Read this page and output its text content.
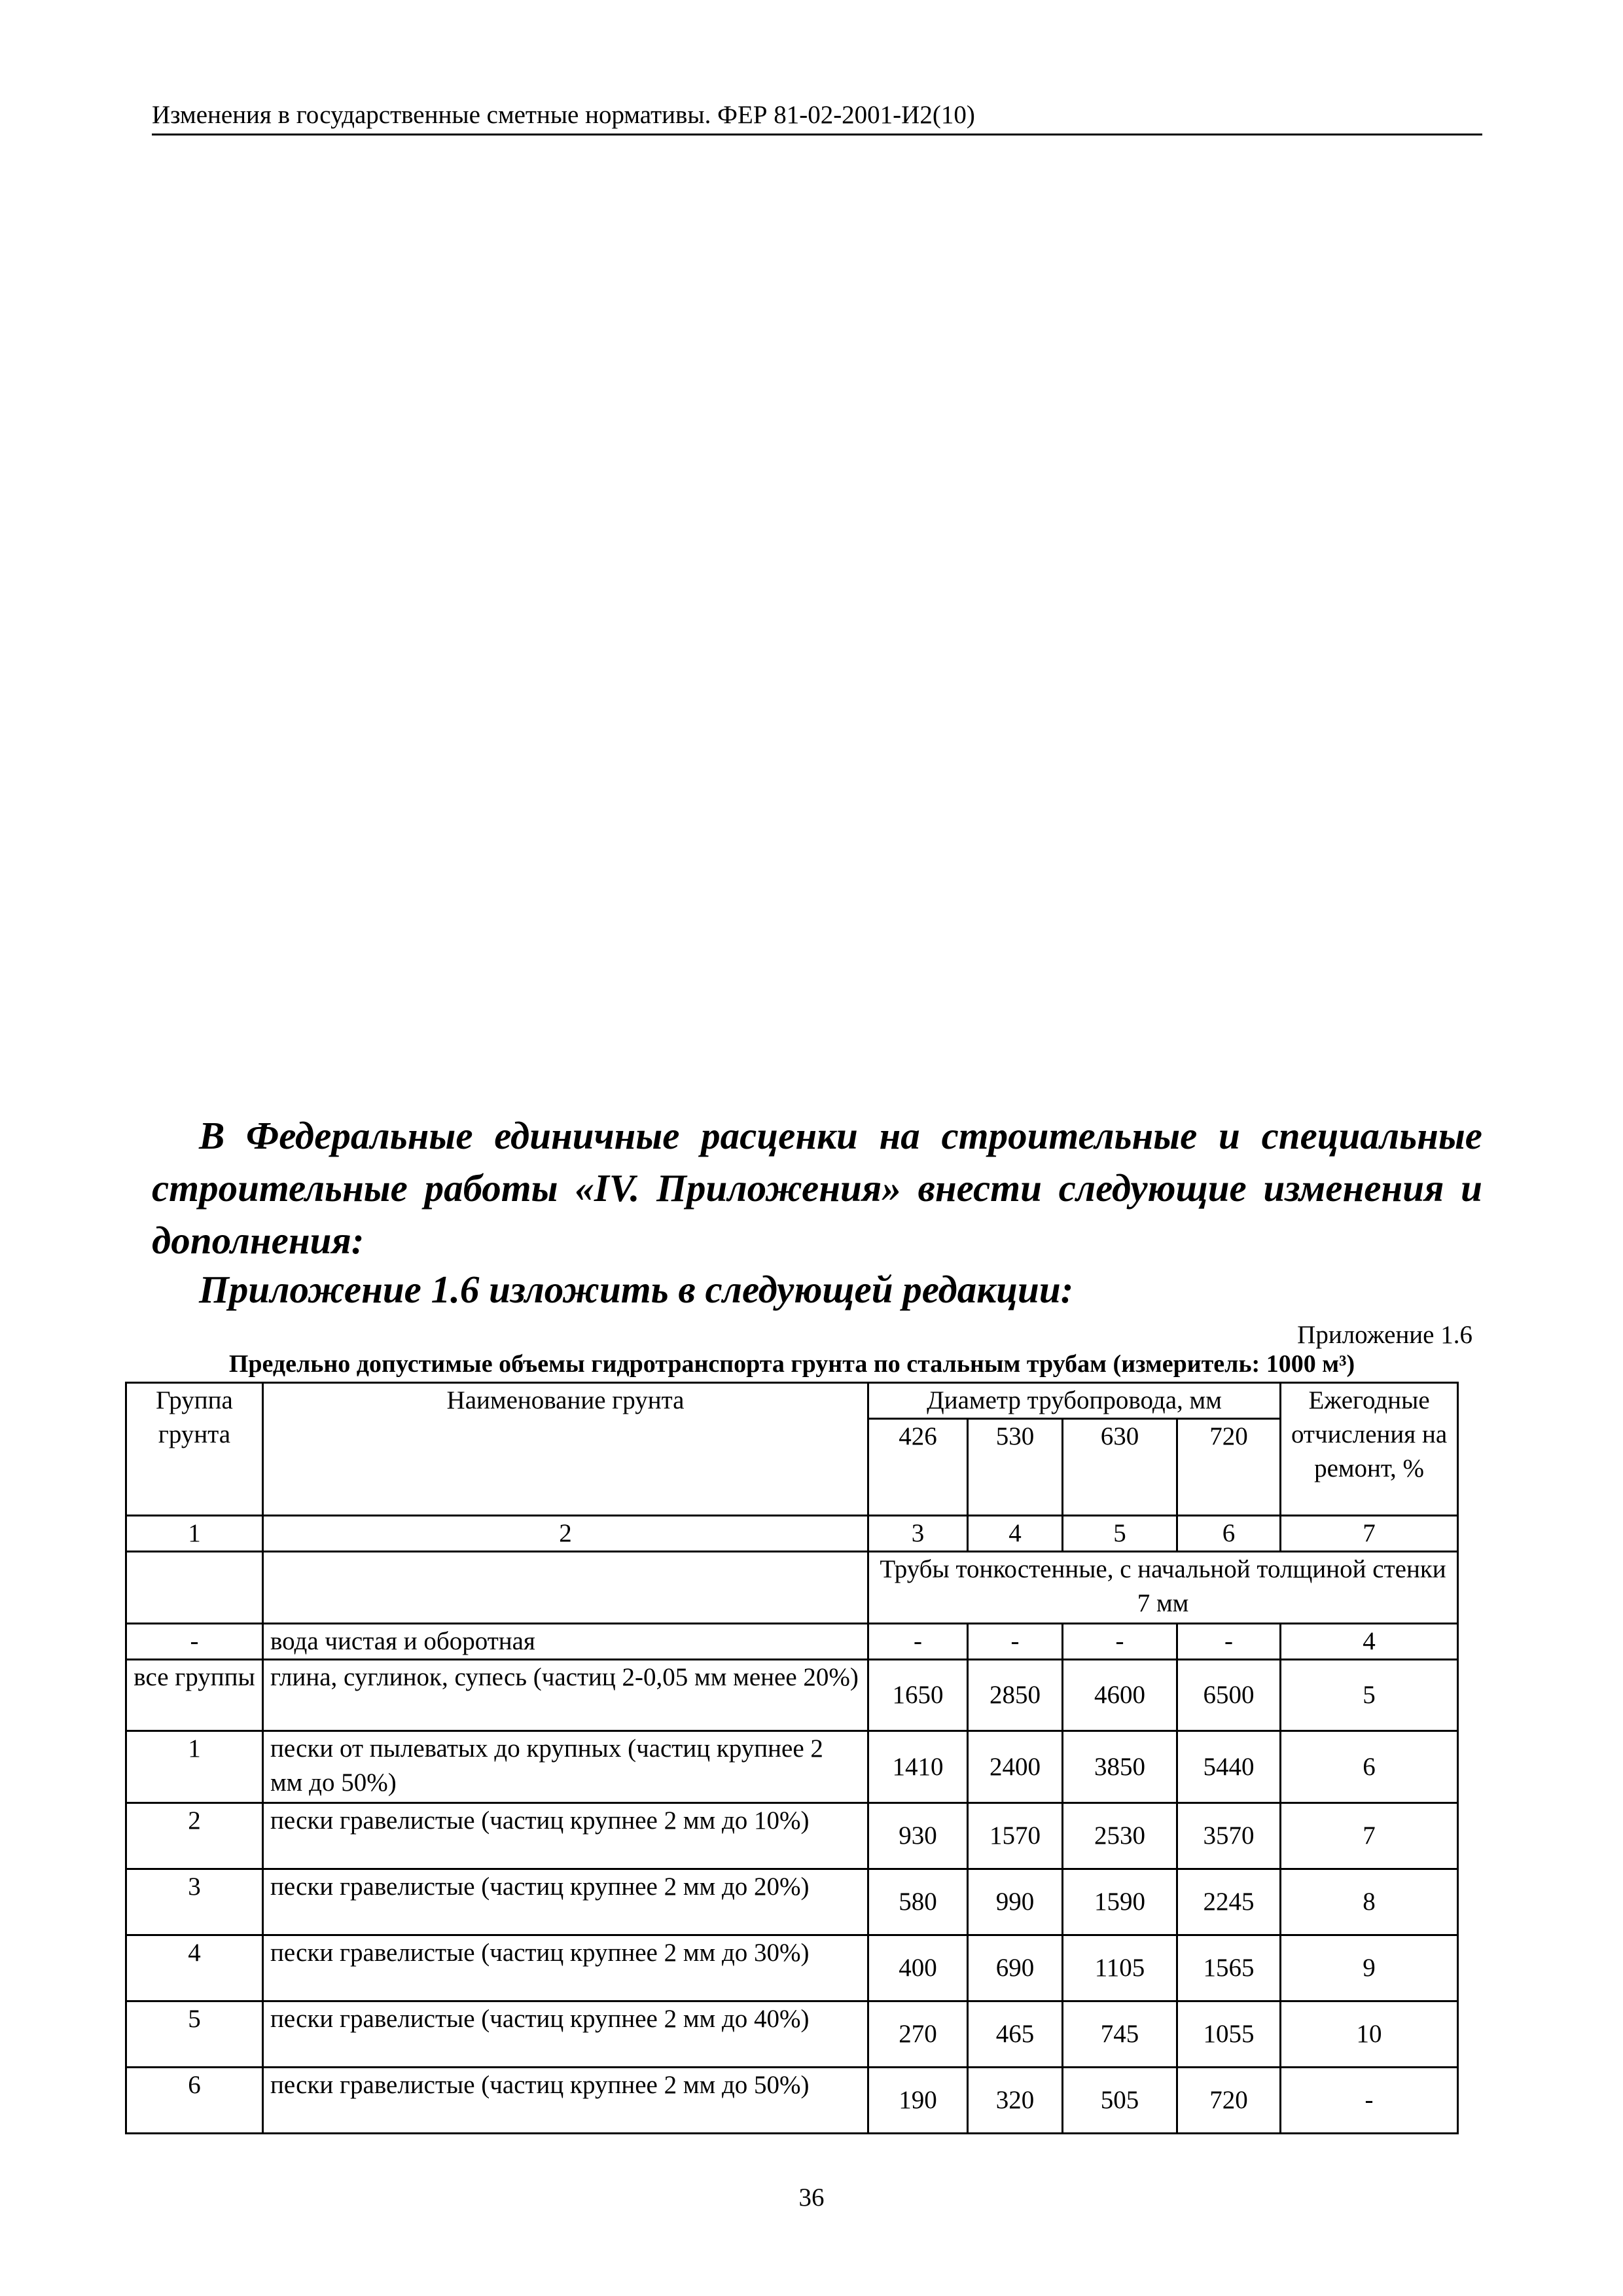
Изменения в государственные сметные нормативы. ФЕР 81-02-2001-И2(10)

В Федеральные единичные расценки на строительные и специальные строительные работы «IV. Приложения» внести следующие изменения и дополнения:

Приложение 1.6 изложить в следующей редакции:

Приложение 1.6
Предельно допустимые объемы гидротранспорта грунта по стальным трубам (измеритель: 1000 м³)
Группа грунта	Наименование грунта	Диаметр трубопровода, мм				Ежегодные отчисления на ремонт, %
		426	530	630	720	
1	2	3	4	5	6	7
		Трубы тонкостенные, с начальной толщиной стенки 7 мм				
-	вода чистая и оборотная	-	-	-	-	4
все группы	глина, суглинок, супесь (частиц 2-0,05 мм менее 20%)	1650	2850	4600	6500	5
1	пески от пылеватых до крупных (частиц крупнее 2 мм до 50%)	1410	2400	3850	5440	6
2	пески гравелистые (частиц крупнее 2 мм до 10%)	930	1570	2530	3570	7
3	пески гравелистые (частиц крупнее 2 мм до 20%)	580	990	1590	2245	8
4	пески гравелистые (частиц крупнее 2 мм до 30%)	400	690	1105	1565	9
5	пески гравелистые (частиц крупнее 2 мм до 40%)	270	465	745	1055	10
6	пески гравелистые (частиц крупнее 2 мм до 50%)	190	320	505	720	-
36
